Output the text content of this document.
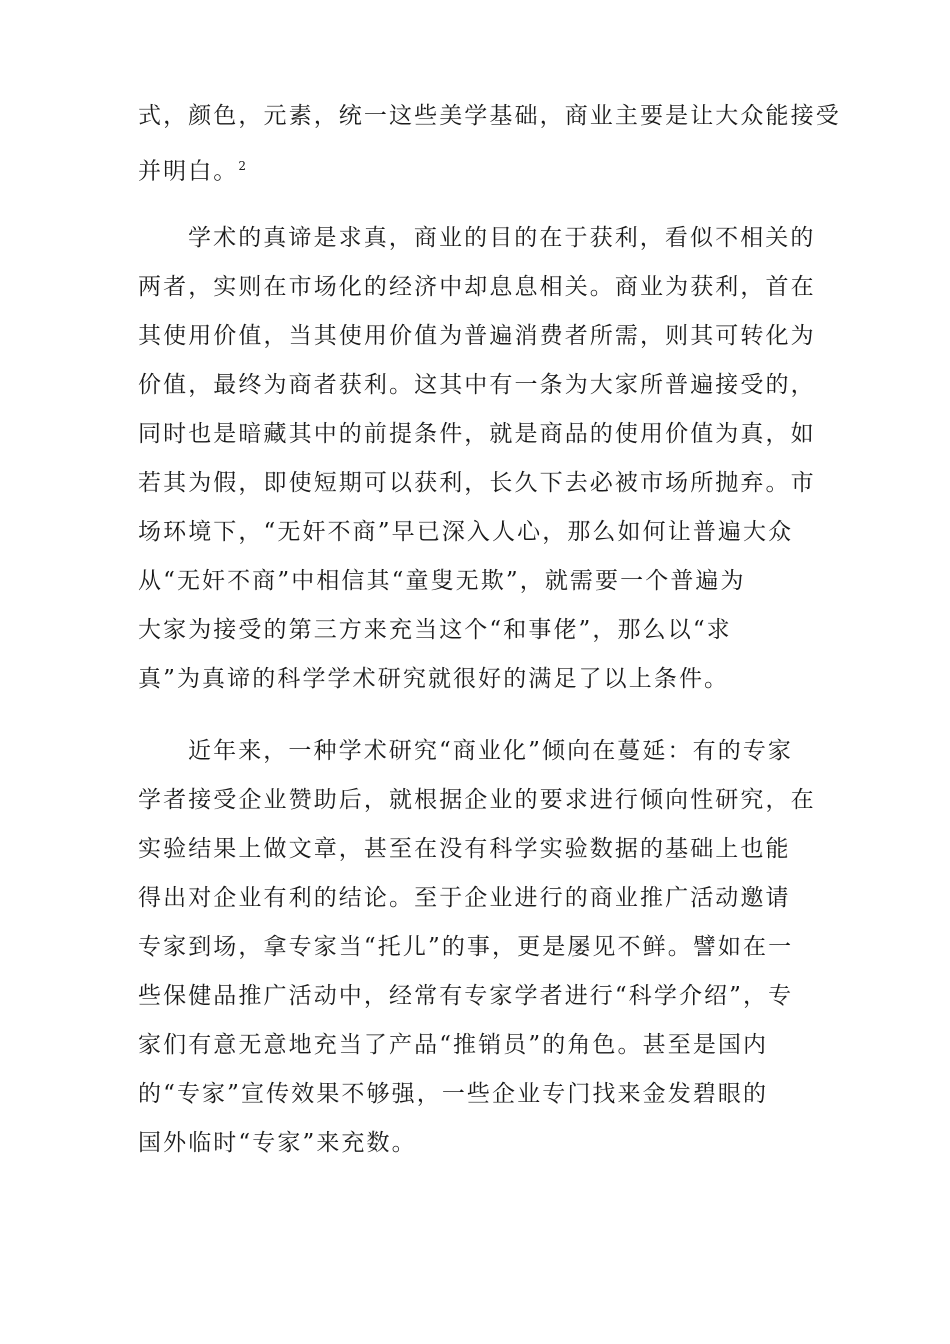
式，颜色，元素，统一这些美学基础，商业主要是让大众能接受
并明白。$^2$
学术的真谛是求真，商业的目的在于获利，看似不相关的
两者，实则在市场化的经济中却息息相关。商业为获利，首在
其使用价值，当其使用价值为普遍消费者所需，则其可转化为
价值，最终为商者获利。这其中有一条为大家所普遍接受的，
同时也是暗藏其中的前提条件，就是商品的使用价值为真，如
若其为假，即使短期可以获利，长久下去必被市场所抛弃。市
场环境下，“无奸不商”早已深入人心，那么如何让普遍大众
从“无奸不商”中相信其“童叟无欺”，就需要一个普遍为
大家为接受的第三方来充当这个“和事佬”，那么以“求
真”为真谛的科学学术研究就很好的满足了以上条件。
近年来，一种学术研究“商业化”倾向在蔓延：有的专家
学者接受企业赞助后，就根据企业的要求进行倾向性研究，在
实验结果上做文章，甚至在没有科学实验数据的基础上也能
得出对企业有利的结论。至于企业进行的商业推广活动邀请
专家到场，拿专家当“托儿”的事，更是屡见不鲜。譬如在一
些保健品推广活动中，经常有专家学者进行“科学介绍”，专
家们有意无意地充当了产品“推销员”的角色。甚至是国内
的“专家”宣传效果不够强，一些企业专门找来金发碧眼的
国外临时“专家”来充数。
